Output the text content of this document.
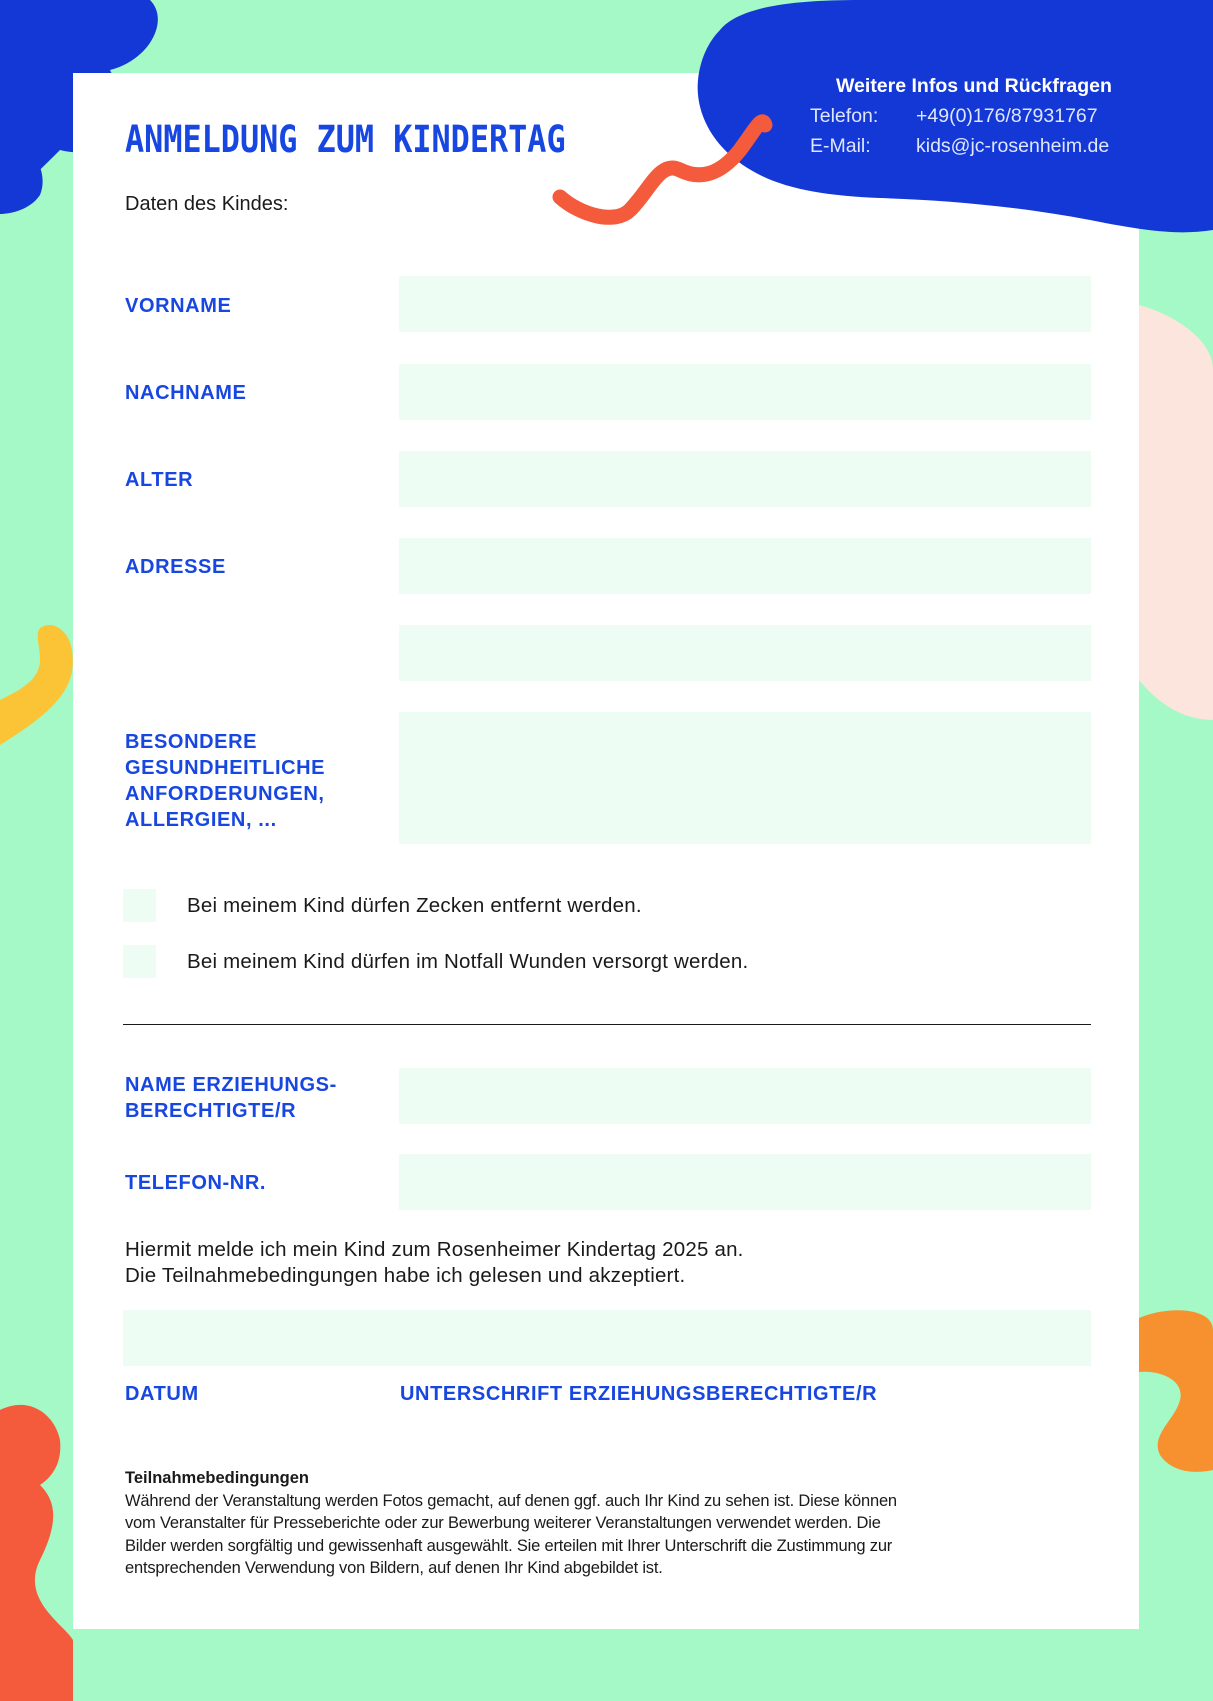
ANMELDUNG ZUM KINDERTAG
Daten des Kindes:
Weitere Infos und Rückfragen
Telefon: +49(0)176/87931767
E-Mail: kids@jc-rosenheim.de
VORNAME
NACHNAME
ALTER
ADRESSE
BESONDERE
GESUNDHEITLICHE
ANFORDERUNGEN,
ALLERGIEN, ...
Bei meinem Kind dürfen Zecken entfernt werden.
Bei meinem Kind dürfen im Notfall Wunden versorgt werden.
NAME ERZIEHUNGS-
BERECHTIGTE/R
TELEFON-NR.
Hiermit melde ich mein Kind zum Rosenheimer Kindertag 2025 an.
Die Teilnahmebedingungen habe ich gelesen und akzeptiert.
DATUM	UNTERSCHRIFT ERZIEHUNGSBERECHTIGTE/R
Teilnahmebedingungen
Während der Veranstaltung werden Fotos gemacht, auf denen ggf. auch Ihr Kind zu sehen ist. Diese können
vom Veranstalter für Presseberichte oder zur Bewerbung weiterer Veranstaltungen verwendet werden. Die
Bilder werden sorgfältig und gewissenhaft ausgewählt. Sie erteilen mit Ihrer Unterschrift die Zustimmung zur
entsprechenden Verwendung von Bildern, auf denen Ihr Kind abgebildet ist.
